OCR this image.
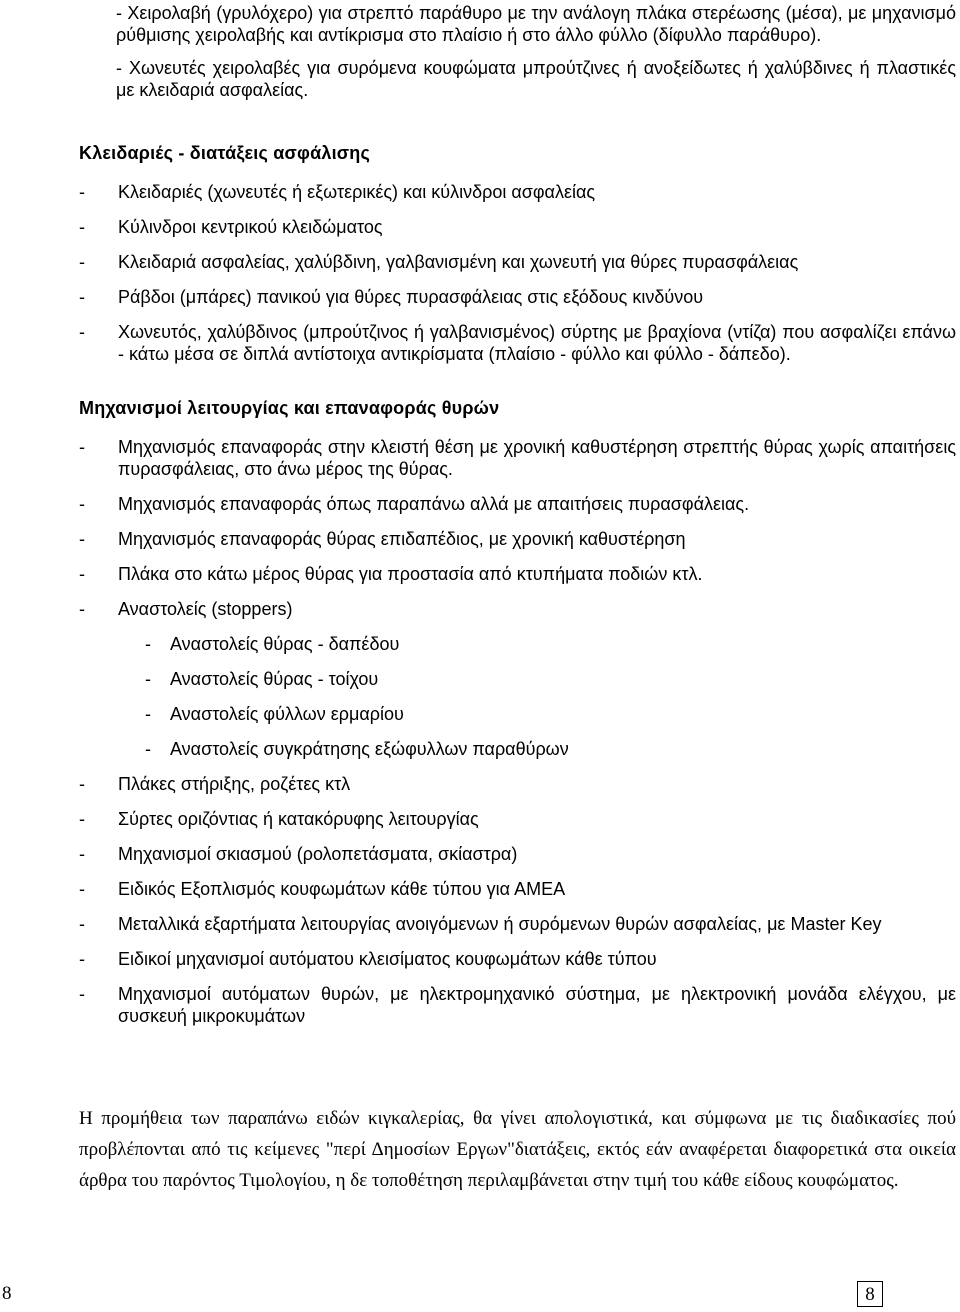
- Χειρολαβή (γρυλόχερο) για στρεπτό παράθυρο με την ανάλογη πλάκα στερέωσης (μέσα), με μηχανισμό ρύθμισης χειρολαβής και αντίκρισμα στο πλαίσιο ή στο άλλο φύλλο (δίφυλλο παράθυρο).
- Χωνευτές χειρολαβές για συρόμενα κουφώματα μπρούτζινες ή ανοξείδωτες ή χαλύβδινες ή πλαστικές με κλειδαριά ασφαλείας.
Κλειδαριές - διατάξεις ασφάλισης
- Κλειδαριές (χωνευτές ή εξωτερικές) και κύλινδροι ασφαλείας
- Κύλινδροι κεντρικού κλειδώματος
- Κλειδαριά ασφαλείας, χαλύβδινη, γαλβανισμένη και χωνευτή για θύρες πυρασφάλειας
- Ράβδοι (μπάρες) πανικού για θύρες πυρασφάλειας στις εξόδους κινδύνου
- Χωνευτός, χαλύβδινος (μπρούτζινος ή γαλβανισμένος) σύρτης με βραχίονα (ντίζα) που ασφαλίζει επάνω - κάτω μέσα σε διπλά αντίστοιχα αντικρίσματα (πλαίσιο - φύλλο και φύλλο - δάπεδο).
Μηχανισμοί λειτουργίας και επαναφοράς θυρών
- Μηχανισμός επαναφοράς στην κλειστή θέση με χρονική καθυστέρηση στρεπτής θύρας χωρίς απαιτήσεις πυρασφάλειας, στο άνω μέρος της θύρας.
- Μηχανισμός επαναφοράς όπως παραπάνω αλλά με απαιτήσεις πυρασφάλειας.
- Μηχανισμός επαναφοράς θύρας επιδαπέδιος, με χρονική καθυστέρηση
- Πλάκα στο κάτω μέρος θύρας για προστασία από κτυπήματα ποδιών κτλ.
- Αναστολείς (stoppers)
- Αναστολείς θύρας - δαπέδου
- Αναστολείς θύρας - τοίχου
- Αναστολείς φύλλων ερμαρίου
- Αναστολείς συγκράτησης εξώφυλλων παραθύρων
- Πλάκες στήριξης, ροζέτες κτλ
- Σύρτες οριζόντιας ή κατακόρυφης λειτουργίας
- Μηχανισμοί σκιασμού (ρολοπετάσματα, σκίαστρα)
- Ειδικός Εξοπλισμός κουφωμάτων κάθε τύπου για ΑΜΕΑ
- Μεταλλικά εξαρτήματα λειτουργίας ανοιγόμενων ή συρόμενων θυρών ασφαλείας, με Master Key
- Ειδικοί μηχανισμοί αυτόματου κλεισίματος κουφωμάτων κάθε τύπου
- Μηχανισμοί αυτόματων θυρών, με ηλεκτρομηχανικό σύστημα, με ηλεκτρονική μονάδα ελέγχου, με συσκευή μικροκυμάτων
Η προμήθεια των παραπάνω ειδών κιγκαλερίας, θα γίνει απολογιστικά, και σύμφωνα με τις διαδικασίες πού προβλέπονται από τις κείμενες "περί Δημοσίων Εργων"διατάξεις, εκτός εάν αναφέρεται διαφορετικά στα οικεία άρθρα του παρόντος Τιμολογίου, η δε τοποθέτηση περιλαμβάνεται στην τιμή του κάθε είδους κουφώματος.
8	8
